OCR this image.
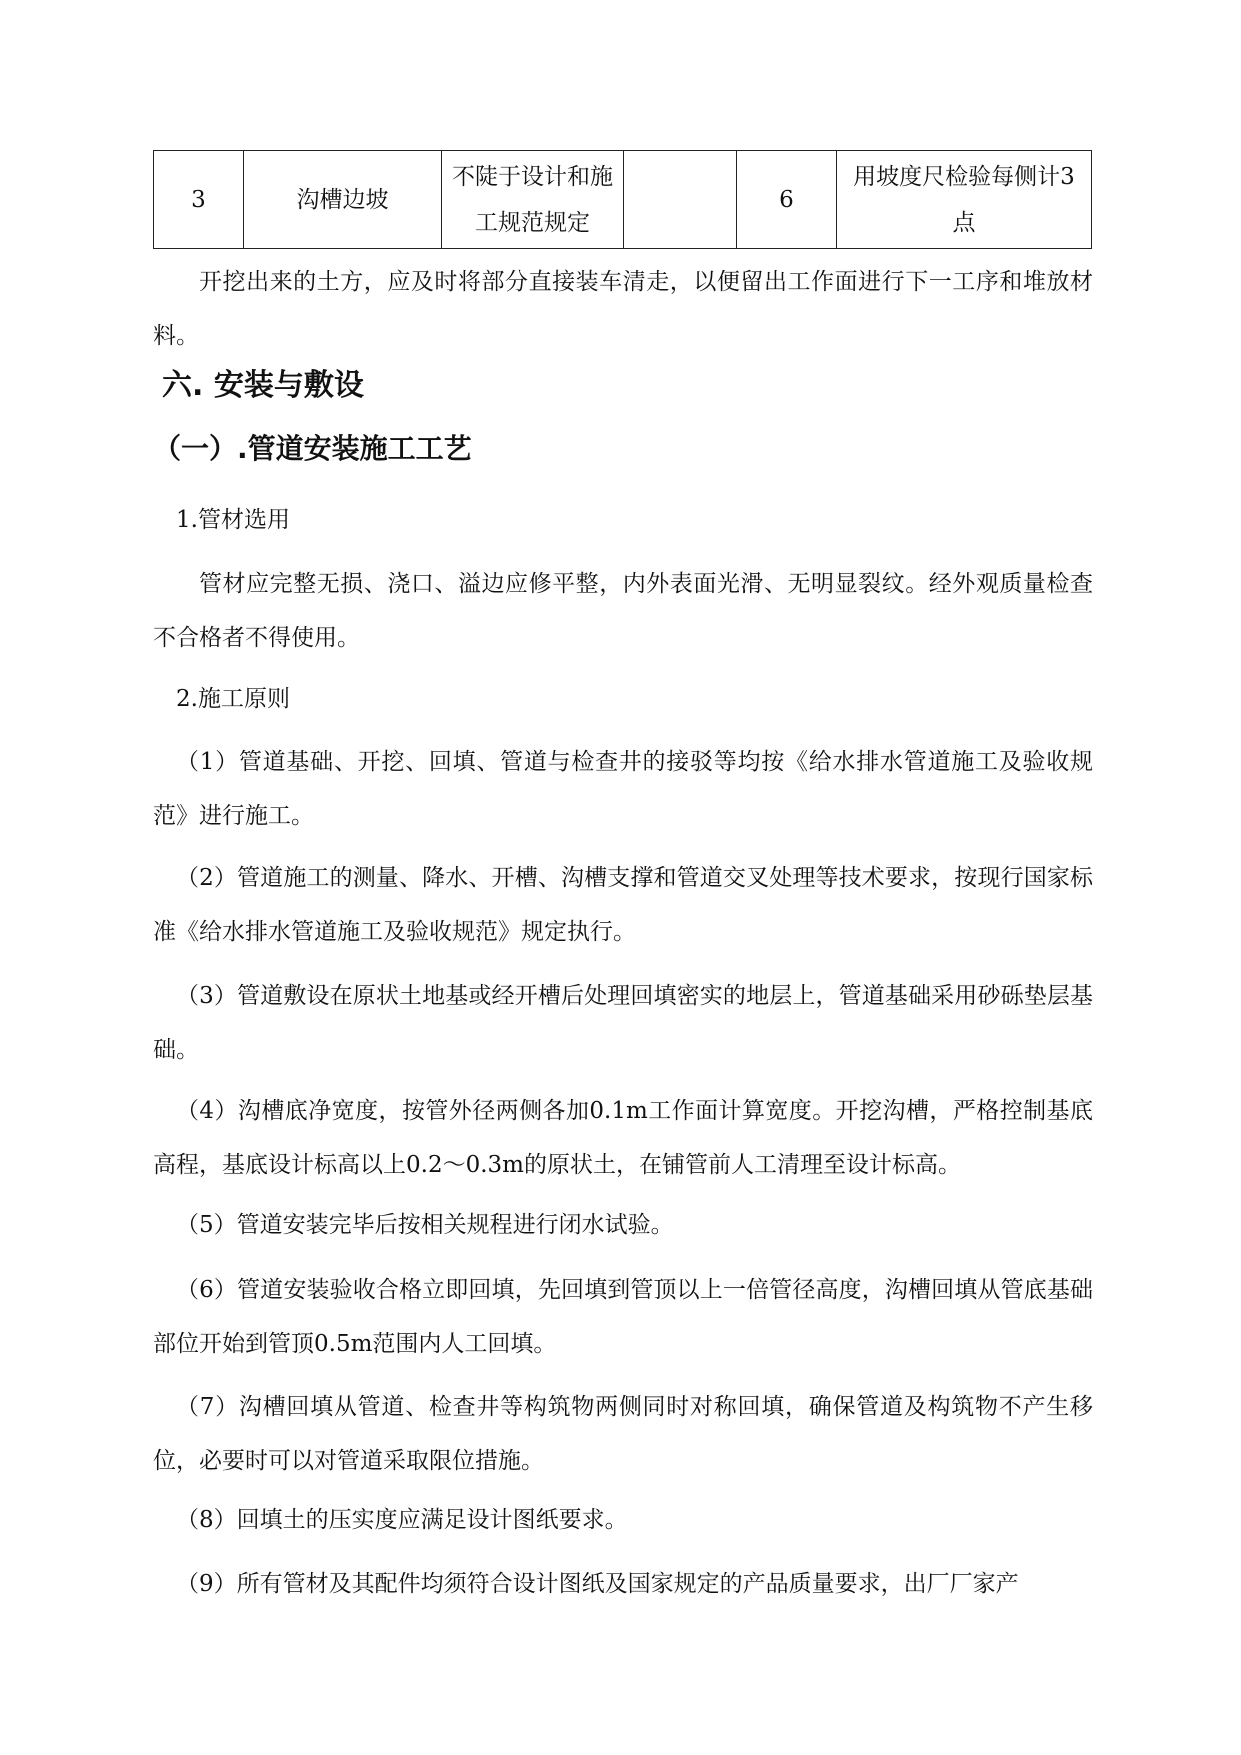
3	沟槽边坡	不陡于设计和施工规范规定		6	用坡度尺检验每侧计3点

开挖出来的土方，应及时将部分直接装车清走，以便留出工作面进行下一工序和堆放材料。

六. 安装与敷设
（一）.管道安装施工工艺

1.管材选用

管材应完整无损、浇口、溢边应修平整，内外表面光滑、无明显裂纹。经外观质量检查不合格者不得使用。

2.施工原则

（1）管道基础、开挖、回填、管道与检查井的接驳等均按《给水排水管道施工及验收规范》进行施工。

（2）管道施工的测量、降水、开槽、沟槽支撑和管道交叉处理等技术要求，按现行国家标准《给水排水管道施工及验收规范》规定执行。

（3）管道敷设在原状土地基或经开槽后处理回填密实的地层上，管道基础采用砂砾垫层基础。

（4）沟槽底净宽度，按管外径两侧各加0.1m工作面计算宽度。开挖沟槽，严格控制基底高程，基底设计标高以上0.2～0.3m的原状土，在铺管前人工清理至设计标高。

（5）管道安装完毕后按相关规程进行闭水试验。

（6）管道安装验收合格立即回填，先回填到管顶以上一倍管径高度，沟槽回填从管底基础部位开始到管顶0.5m范围内人工回填。

（7）沟槽回填从管道、检查井等构筑物两侧同时对称回填，确保管道及构筑物不产生移位，必要时可以对管道采取限位措施。

（8）回填土的压实度应满足设计图纸要求。

（9）所有管材及其配件均须符合设计图纸及国家规定的产品质量要求，出厂厂家产
